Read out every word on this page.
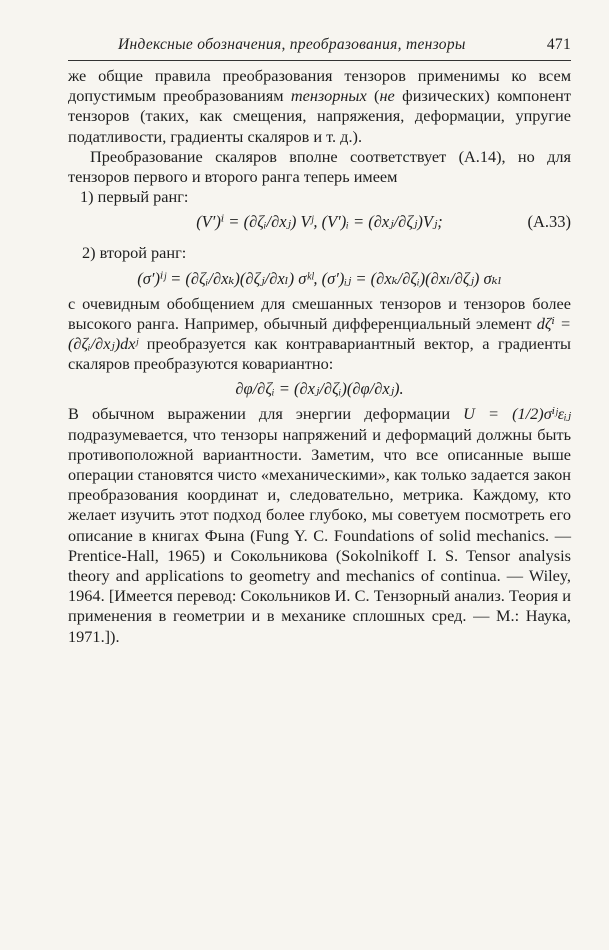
Индексные обозначения, преобразования, тензоры	471

же общие правила преобразования тензоров применимы ко всем допустимым преобразованиям тензорных (не физических) компонент тензоров (таких, как смещения, напряжения, деформации, упругие податливости, градиенты скаляров и т. д.).

Преобразование скаляров вполне соответствует (А.14), но для тензоров первого и второго ранга теперь имеем

1) первый ранг:

(V′)ⁱ = (∂ζᵢ/∂xⱼ) Vʲ, (V′)ᵢ = (∂xⱼ/∂ζⱼ)Vⱼ;	(A.33)

2) второй ранг:

(σ′)ⁱʲ = (∂ζᵢ/∂xₖ)(∂ζⱼ/∂xₗ) σᵏˡ, (σ′)ᵢⱼ = (∂xₖ/∂ζᵢ)(∂xₗ/∂ζⱼ) σₖₗ

с очевидным обобщением для смешанных тензоров и тензоров более высокого ранга. Например, обычный дифференциальный элемент dζⁱ = (∂ζᵢ/∂xⱼ)dxʲ преобразуется как контравариантный вектор, а градиенты скаляров преобразуются ковариантно:

∂φ/∂ζᵢ = (∂xⱼ/∂ζᵢ)(∂φ/∂xⱼ).

В обычном выражении для энергии деформации U = (1/2)σⁱʲεᵢⱼ подразумевается, что тензоры напряжений и деформаций должны быть противоположной вариантности. Заметим, что все описанные выше операции становятся чисто «механическими», как только задается закон преобразования координат и, следовательно, метрика. Каждому, кто желает изучить этот подход более глубоко, мы советуем посмотреть его описание в книгах Фына (Fung Y. C. Foundations of solid mechanics. — Prentice-Hall, 1965) и Сокольникова (Sokolnikoff I. S. Tensor analysis theory and applications to geometry and mechanics of continua. — Wiley, 1964. [Имеется перевод: Сокольников И. С. Тензорный анализ. Теория и применения в геометрии и в механике сплошных сред. — М.: Наука, 1971.]).
